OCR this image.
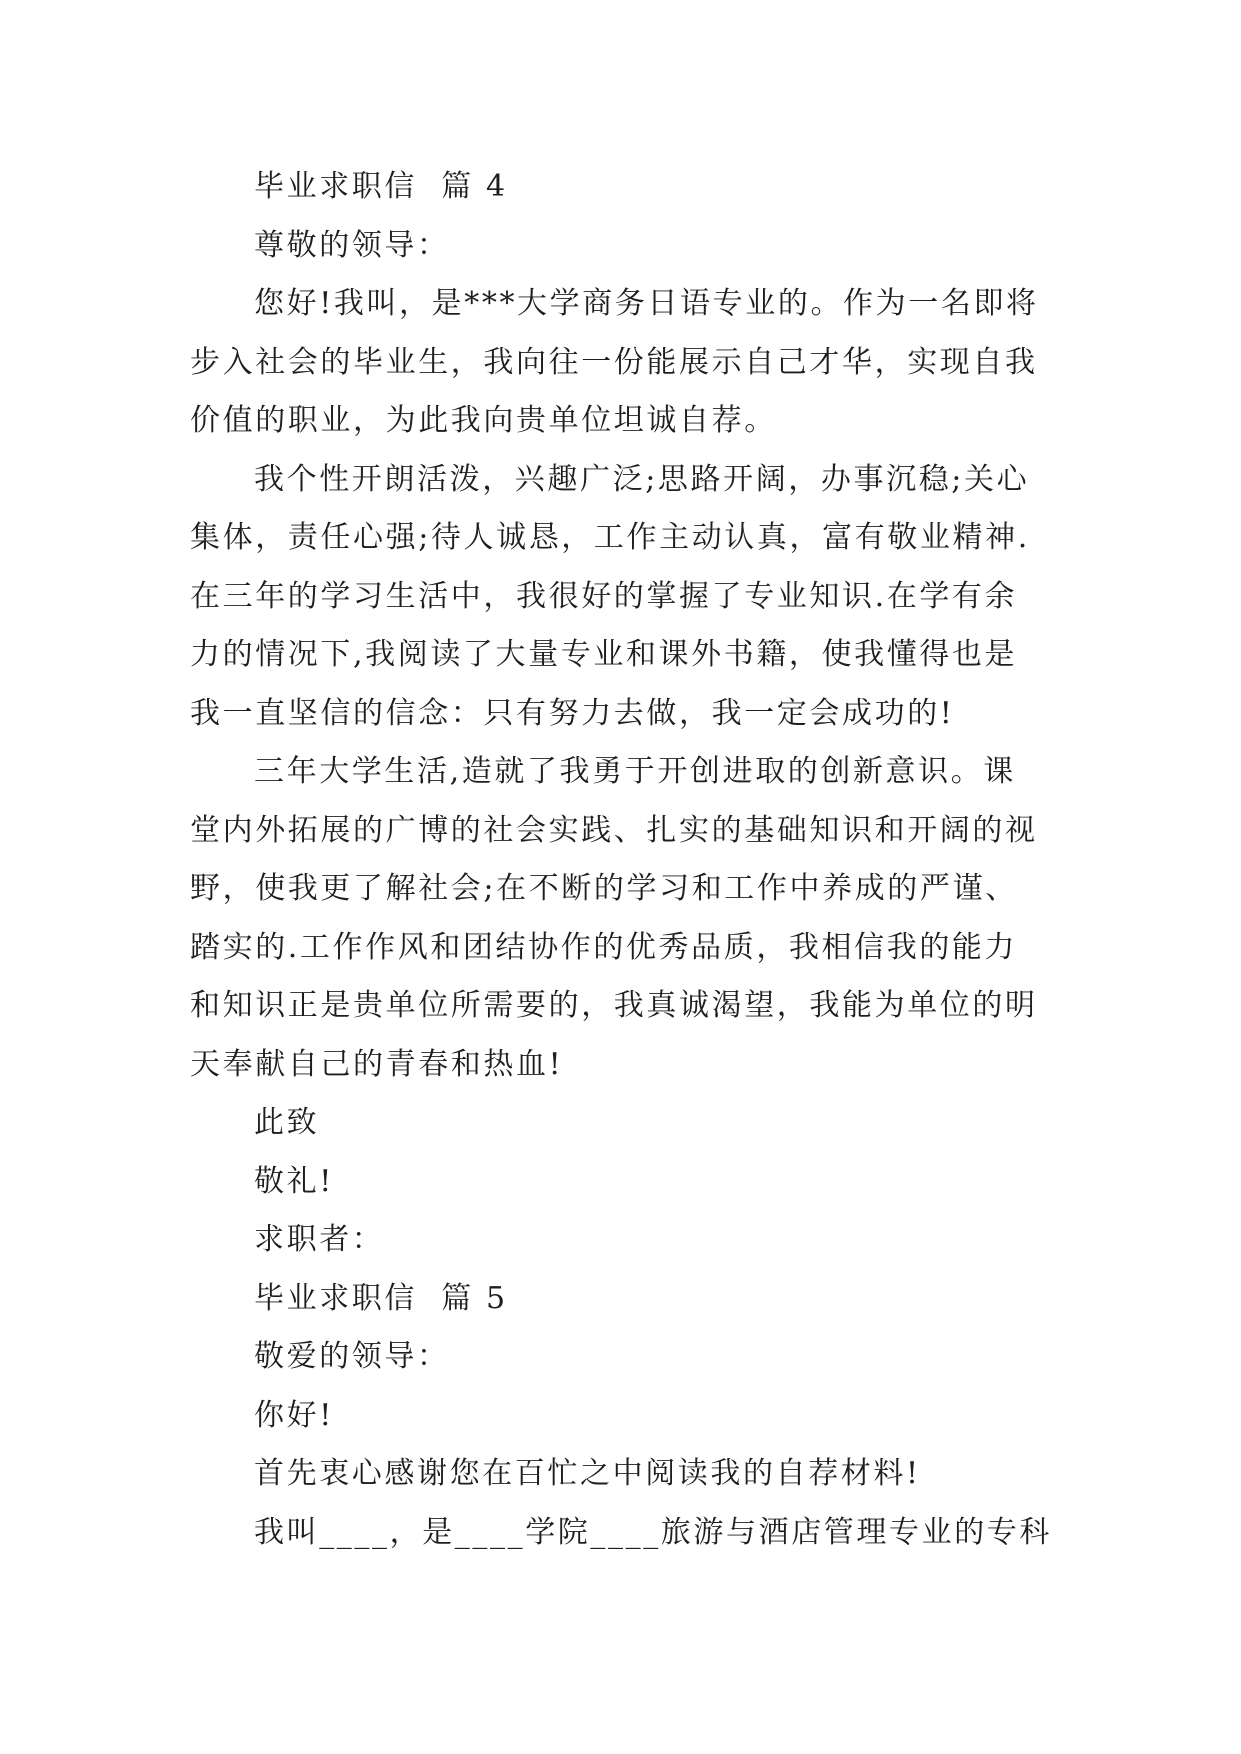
毕业求职信  篇 4
尊敬的领导：
您好!我叫，是***大学商务日语专业的。作为一名即将
步入社会的毕业生，我向往一份能展示自己才华，实现自我
价值的职业，为此我向贵单位坦诚自荐。
我个性开朗活泼，兴趣广泛;思路开阔，办事沉稳;关心
集体，责任心强;待人诚恳，工作主动认真，富有敬业精神.
在三年的学习生活中，我很好的掌握了专业知识.在学有余
力的情况下,我阅读了大量专业和课外书籍，使我懂得也是
我一直坚信的信念：只有努力去做，我一定会成功的!
三年大学生活,造就了我勇于开创进取的创新意识。课
堂内外拓展的广博的社会实践、扎实的基础知识和开阔的视
野，使我更了解社会;在不断的学习和工作中养成的严谨、
踏实的.工作作风和团结协作的优秀品质，我相信我的能力
和知识正是贵单位所需要的，我真诚渴望，我能为单位的明
天奉献自己的青春和热血!
此致
敬礼!
求职者：
毕业求职信  篇 5
敬爱的领导：
你好!
首先衷心感谢您在百忙之中阅读我的自荐材料!
我叫____，是____学院____旅游与酒店管理专业的专科
